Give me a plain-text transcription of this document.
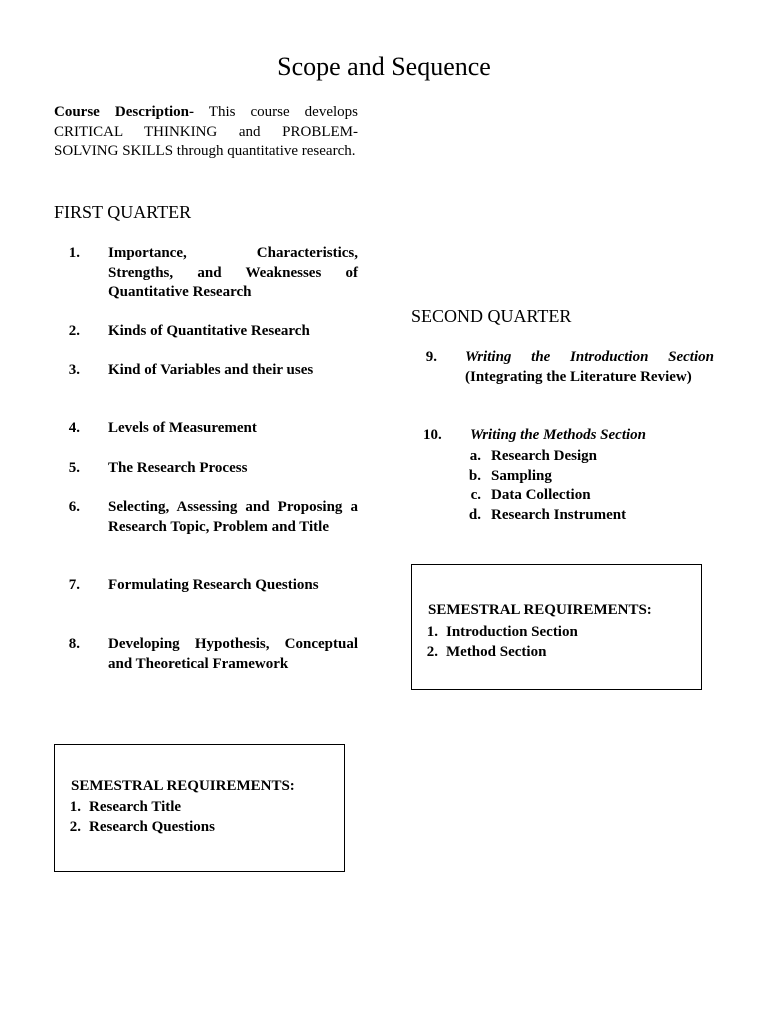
Scope and Sequence
Course Description- This course develops CRITICAL THINKING and PROBLEM-SOLVING SKILLS through quantitative research.
FIRST QUARTER
1. Importance, Characteristics, Strengths, and Weaknesses of Quantitative Research
2. Kinds of Quantitative Research
3. Kind of Variables and their uses
4. Levels of Measurement
5. The Research Process
6. Selecting, Assessing and Proposing a Research Topic, Problem and Title
7. Formulating Research Questions
8. Developing Hypothesis, Conceptual and Theoretical Framework
SEMESTRAL REQUIREMENTS:
1. Research Title
2. Research Questions
SECOND QUARTER
9. Writing the Introduction Section (Integrating the Literature Review)
10.	Writing the Methods Section
a. Research Design
b. Sampling
c. Data Collection
d. Research Instrument
SEMESTRAL REQUIREMENTS:
1. Introduction Section
2. Method Section
